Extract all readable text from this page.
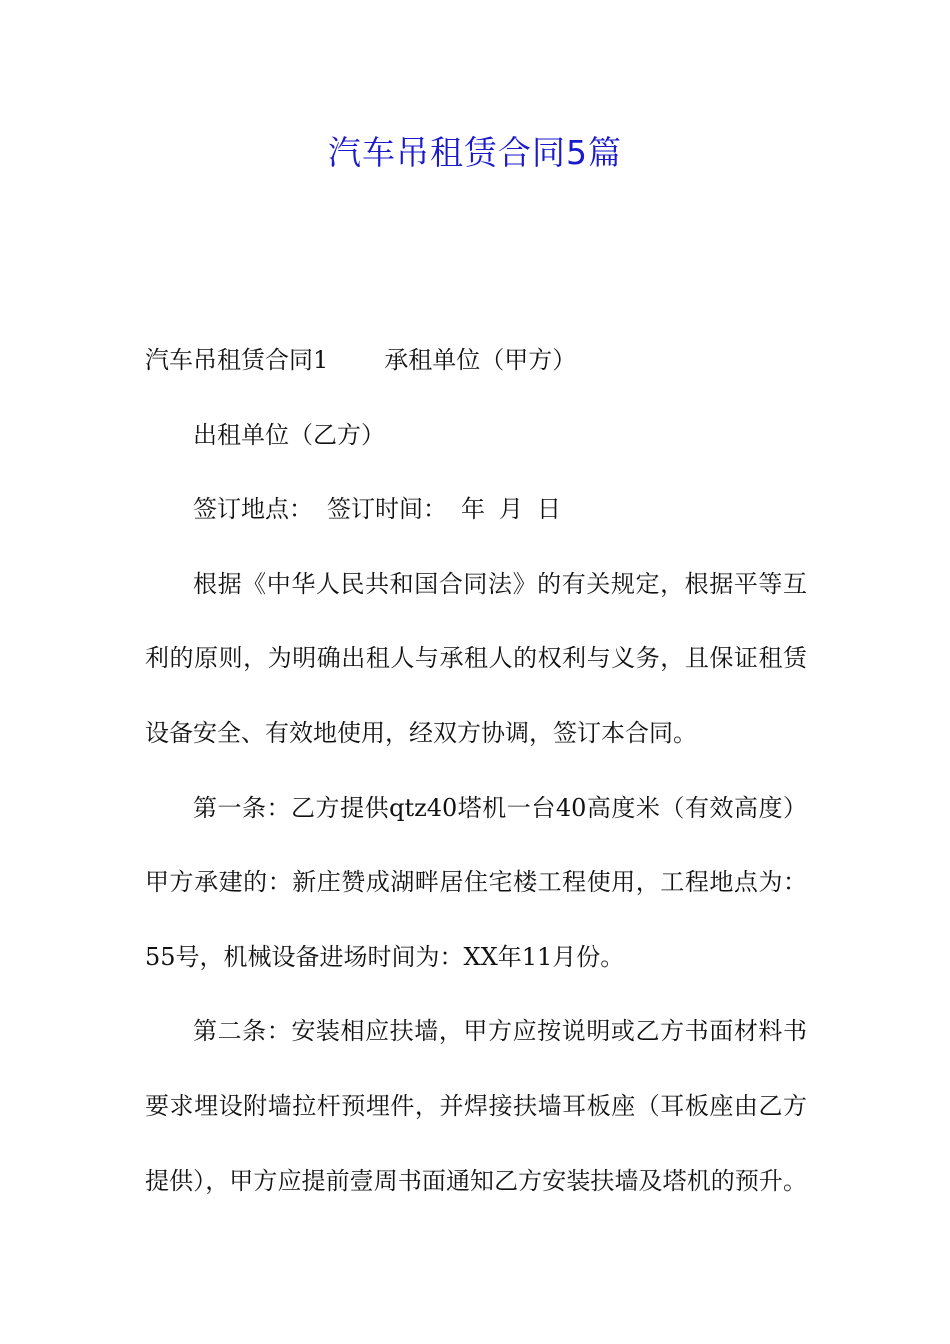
汽车吊租赁合同5篇
汽车吊租赁合同1 承租单位（甲方）
出租单位（乙方）
签订地点： 签订时间： 年 月 日
根据《中华人民共和国合同法》的有关规定，根据平等互
利的原则，为明确出租人与承租人的权利与义务，且保证租赁
设备安全、有效地使用，经双方协调，签订本合同。
第一条：乙方提供qtz40塔机一台40高度米（有效高度）
甲方承建的：新庄赞成湖畔居住宅楼工程使用，工程地点为：
55号，机械设备进场时间为：XX年11月份。
第二条：安装相应扶墙，甲方应按说明或乙方书面材料书
要求埋设附墙拉杆预埋件，并焊接扶墙耳板座（耳板座由乙方
提供），甲方应提前壹周书面通知乙方安装扶墙及塔机的预升。
